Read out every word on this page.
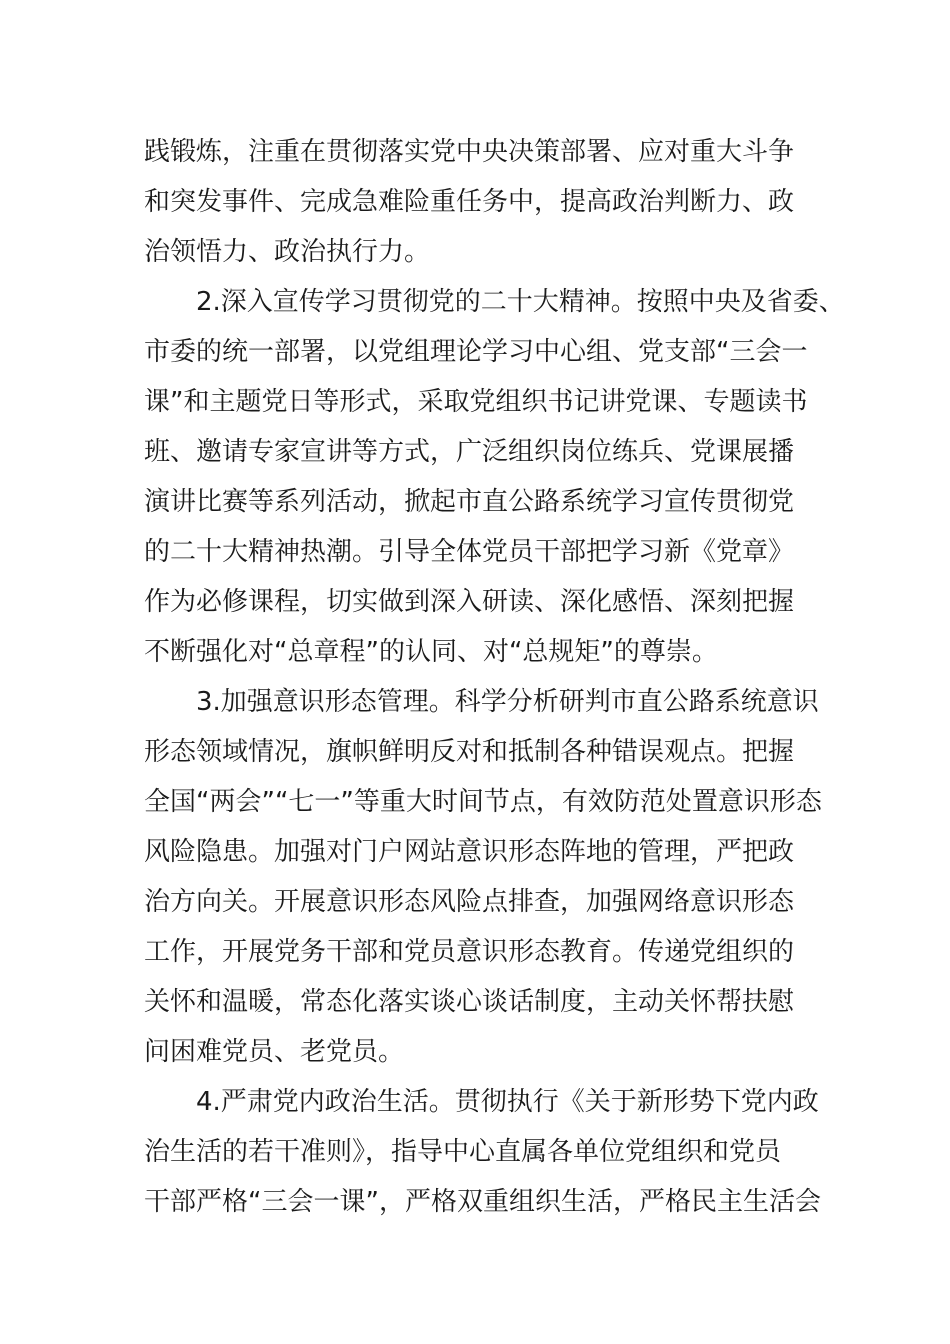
践锻炼，注重在贯彻落实党中央决策部署、应对重大斗争
和突发事件、完成急难险重任务中，提高政治判断力、政
治领悟力、政治执行力。
2.深入宣传学习贯彻党的二十大精神。按照中央及省委、
市委的统一部署，以党组理论学习中心组、党支部“三会一
课”和主题党日等形式，采取党组织书记讲党课、专题读书
班、邀请专家宣讲等方式，广泛组织岗位练兵、党课展播
演讲比赛等系列活动，掀起市直公路系统学习宣传贯彻党
的二十大精神热潮。引导全体党员干部把学习新《党章》
作为必修课程，切实做到深入研读、深化感悟、深刻把握
不断强化对“总章程”的认同、对“总规矩”的尊崇。
3.加强意识形态管理。科学分析研判市直公路系统意识
形态领域情况，旗帜鲜明反对和抵制各种错误观点。把握
全国“两会”“七一”等重大时间节点，有效防范处置意识形态
风险隐患。加强对门户网站意识形态阵地的管理，严把政
治方向关。开展意识形态风险点排查，加强网络意识形态
工作，开展党务干部和党员意识形态教育。传递党组织的
关怀和温暖，常态化落实谈心谈话制度，主动关怀帮扶慰
问困难党员、老党员。
4.严肃党内政治生活。贯彻执行《关于新形势下党内政
治生活的若干准则》，指导中心直属各单位党组织和党员
干部严格“三会一课”，严格双重组织生活，严格民主生活会
